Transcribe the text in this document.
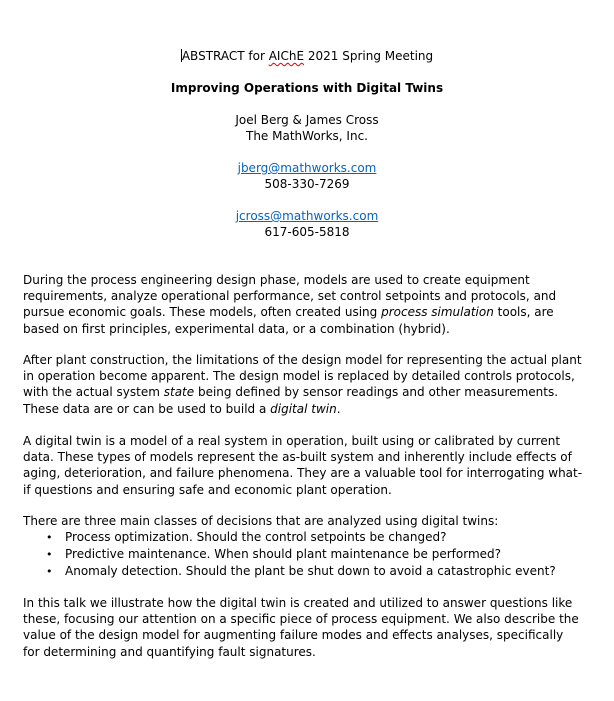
ABSTRACT for AIChE 2021 Spring Meeting
Improving Operations with Digital Twins
Joel Berg & James Cross
The MathWorks, Inc.
jberg@mathworks.com
508-330-7269
jcross@mathworks.com
617-605-5818

During the process engineering design phase, models are used to create equipment requirements, analyze operational performance, set control setpoints and protocols, and pursue economic goals. These models, often created using process simulation tools, are based on first principles, experimental data, or a combination (hybrid).

After plant construction, the limitations of the design model for representing the actual plant in operation become apparent. The design model is replaced by detailed controls protocols, with the actual system state being defined by sensor readings and other measurements. These data are or can be used to build a digital twin.

A digital twin is a model of a real system in operation, built using or calibrated by current data. These types of models represent the as-built system and inherently include effects of aging, deterioration, and failure phenomena. They are a valuable tool for interrogating what-if questions and ensuring safe and economic plant operation.

There are three main classes of decisions that are analyzed using digital twins:

• Process optimization. Should the control setpoints be changed?
• Predictive maintenance. When should plant maintenance be performed?
• Anomaly detection. Should the plant be shut down to avoid a catastrophic event?

In this talk we illustrate how the digital twin is created and utilized to answer questions like these, focusing our attention on a specific piece of process equipment. We also describe the value of the design model for augmenting failure modes and effects analyses, specifically for determining and quantifying fault signatures.
